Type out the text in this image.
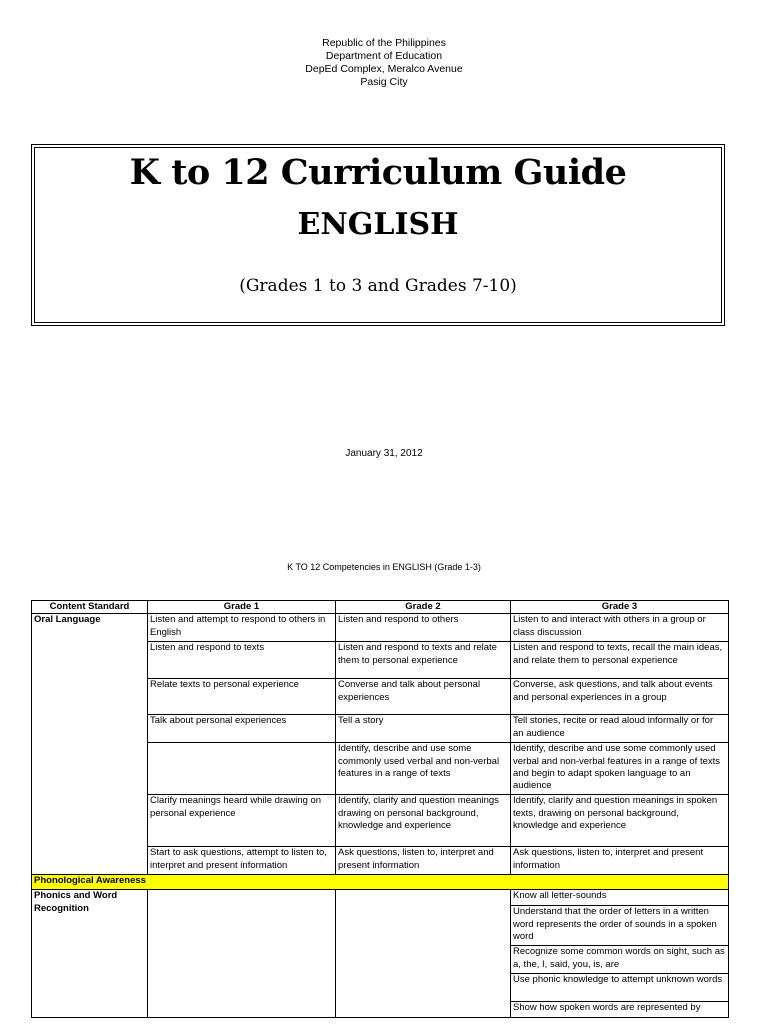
Republic of the Philippines
Department of Education
DepEd Complex, Meralco Avenue
Pasig City
K to 12 Curriculum Guide
ENGLISH
(Grades 1 to 3 and Grades 7-10)
January 31, 2012
K TO 12 Competencies in ENGLISH (Grade 1-3)
Content Standard	Grade 1	Grade 2	Grade 3
Oral Language	Listen and attempt to respond to others in English	Listen and respond to others	Listen to and interact with others in a group or class discussion
	Listen and respond to texts	Listen and respond to texts and relate them to personal experience	Listen and respond to texts, recall the main ideas, and relate them to personal experience
	Relate texts to personal experience	Converse and talk about personal experiences	Converse, ask questions, and talk about events and personal experiences in a group
	Talk about personal experiences	Tell a story	Tell stories, recite or read aloud informally or for an audience
		Identify, describe and use some commonly used verbal and non-verbal features in a range of texts	Identify, describe and use some commonly used verbal and non-verbal features in a range of texts and begin to adapt spoken language to an audience
	Clarify meanings heard while drawing on personal experience	Identify, clarify and question meanings drawing on personal background, knowledge and experience	Identify, clarify and question meanings in spoken texts, drawing on personal background, knowledge and experience
	Start to ask questions, attempt to listen to, interpret and present information	Ask questions, listen to, interpret and present information	Ask questions, listen to, interpret and present information
Phonological Awareness			
Phonics and Word Recognition			Know all letter-sounds
			Understand that the order of letters in a written word represents the order of sounds in a spoken word
			Recognize some common words on sight, such as a, the, I, said, you, is, are
			Use phonic knowledge to attempt unknown words
			Show how spoken words are represented by
